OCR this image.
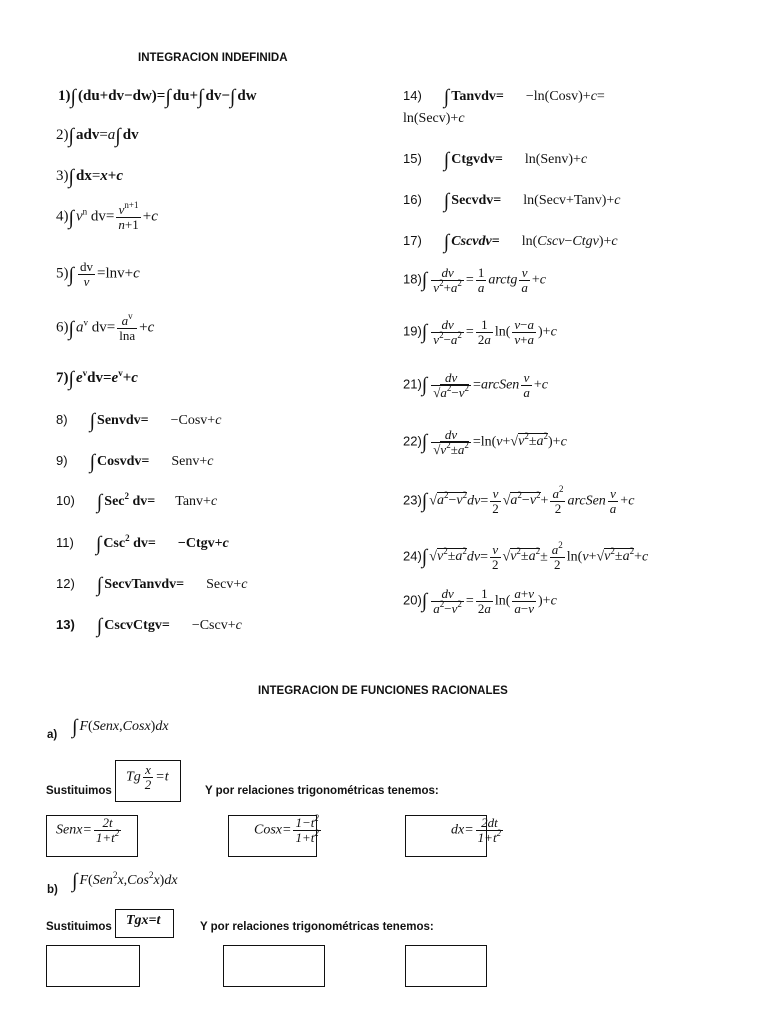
INTEGRACION INDEFINIDA
1)∫ (du+dv−dw)=∫ du+∫ dv−∫ dw
2)∫ adv=a∫ dv
3)∫ dx=x+c
4)∫ $v^n$ $dv= \frac{v^{n+1}}{n+1} +c$
$5)\int \frac{dv}{v} =\ln v+c$
6)∫ $a^v$ $dv= \frac{a^v}{\ln a} +c$
7)∫ $e^vdv=e^v+c$
8) ∫ Senvdv= −Cosv+c
9) ∫ Cosvdv= Senv+c
10) ∫ Sec$^2$ dv= Tanv+c
11) ∫ Csc$^2$ dv= −Ctgv+c
12) ∫ SecvTanvdv= Secv+c
13) ∫ CscvCtgv= −Cscv+c
14) ∫ Tanvdv= −ln(Cosv)+c=
ln(Secv)+c
15) ∫ Ctgvdv= ln(Senv)+c
16) ∫ Secvdv= ln(Secv+Tanv)+c
17) ∫ Cscvdv= ln(Cscv−Ctgv)+c
$18)\int \frac{dv}{v^2+a^2} = \frac{1}{a}$ arctg $\frac{v}{a} +c$
$19)\int \frac{dv}{v^2-a^2} = \frac{1}{2a} \ln( \frac{v-a}{v+a} )+c$
$21)\int \frac{dv}{√a^2-v^2}$ =arcSen $\frac{v}{a} +c$
$22)\int \frac{dv}{√v^2\pm a^2} =\ln(v+√v^2\pm a^2)+c$
23)∫ $√a^2-v^2dv= \frac{v}{2} √a^2-v^2+ \frac{a^2}{2}$ arcSen $\frac{v}{a} +c$
24)∫ $√v^2\pm a^2dv= \frac{v}{2} √v^2\pm a^2\pm \frac{a^2}{2} \ln(v+√v^2\pm a^2+c$
$20)\int \frac{dv}{a^2-v^2} = \frac{1}{2a} \ln( \frac{a+v}{a-v} )+c$
INTEGRACION DE FUNCIONES RACIONALES
a) ∫ F(Senx,Cosx)dx
Sustituimos
Tg $\frac{x}{2} =t$
Y por relaciones trigonométricas tenemos:
Senx= $\frac{2t}{1+t^2}$	Cosx= $\frac{1-t^2}{1+t^2}$	$dx= \frac{2dt}{1+t^2}$
b) ∫ F(Sen$^2$x,Cos$^2$x)dx
Sustituimos Tgx=t	Y por relaciones trigonométricas tenemos:
